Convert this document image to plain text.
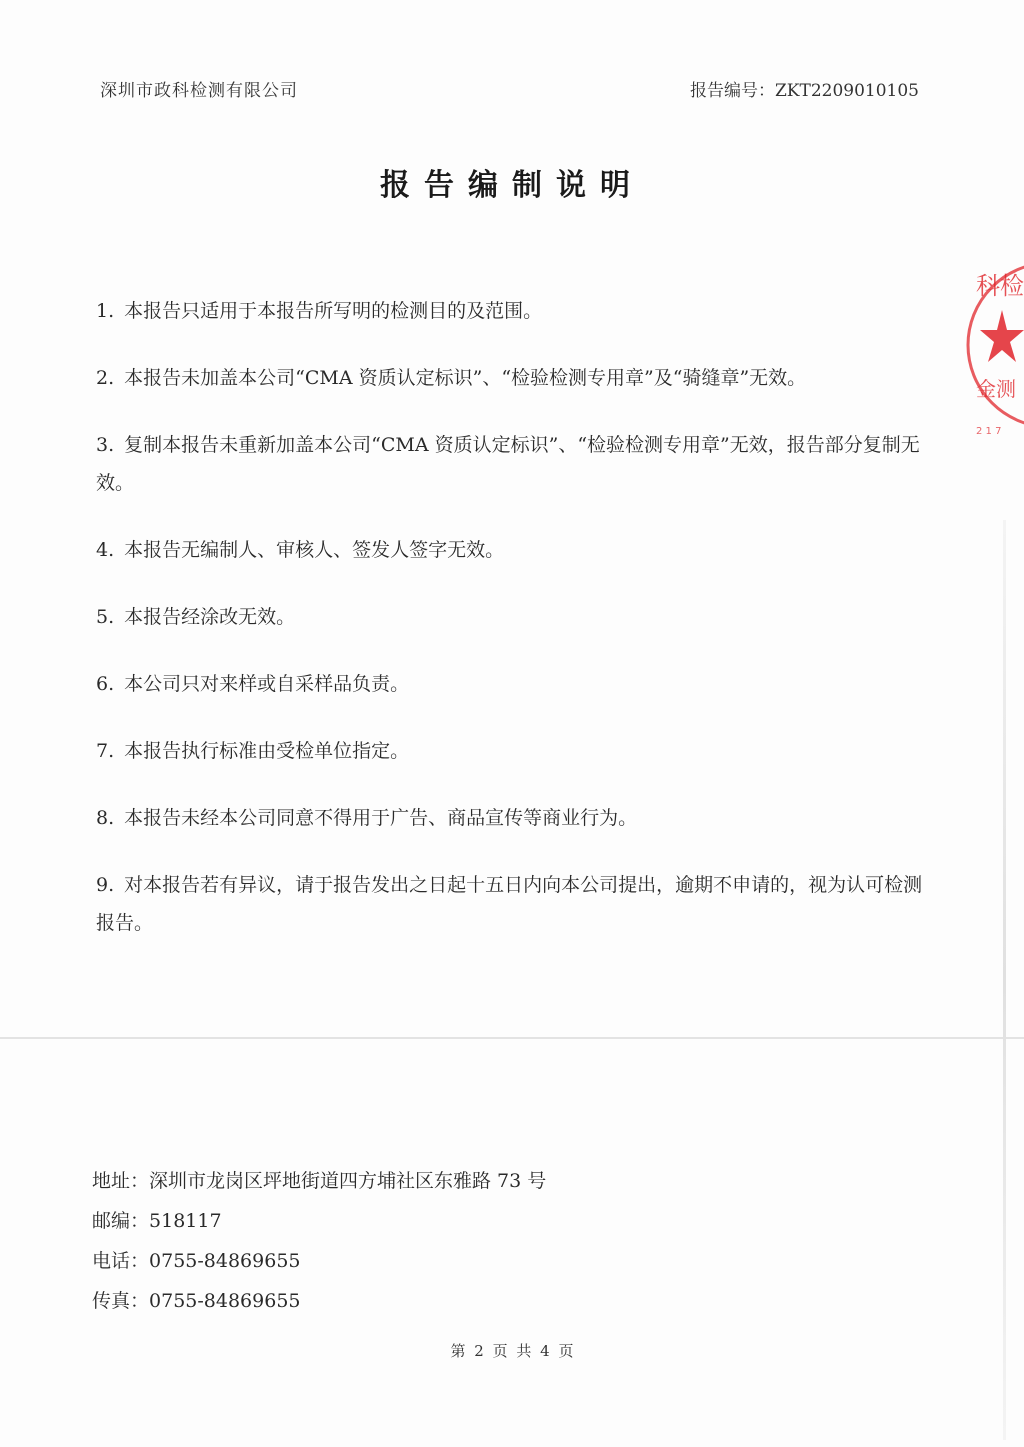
深圳市政科检测有限公司	报告编号：ZKT2209010105
报告编制说明
1. 本报告只适用于本报告所写明的检测目的及范围。
2. 本报告未加盖本公司“CMA 资质认定标识”、“检验检测专用章”及“骑缝章”无效。
3. 复制本报告未重新加盖本公司“CMA 资质认定标识”、“检验检测专用章”无效，报告部分复制无效。
4. 本报告无编制人、审核人、签发人签字无效。
5. 本报告经涂改无效。
6. 本公司只对来样或自采样品负责。
7. 本报告执行标准由受检单位指定。
8. 本报告未经本公司同意不得用于广告、商品宣传等商业行为。
9. 对本报告若有异议，请于报告发出之日起十五日内向本公司提出，逾期不申请的，视为认可检测报告。
地址：深圳市龙岗区坪地街道四方埔社区东雅路 73 号
邮编：518117
电话：0755-84869655
传真：0755-84869655
第 2 页 共 4 页
科检
金测
2 1 7
